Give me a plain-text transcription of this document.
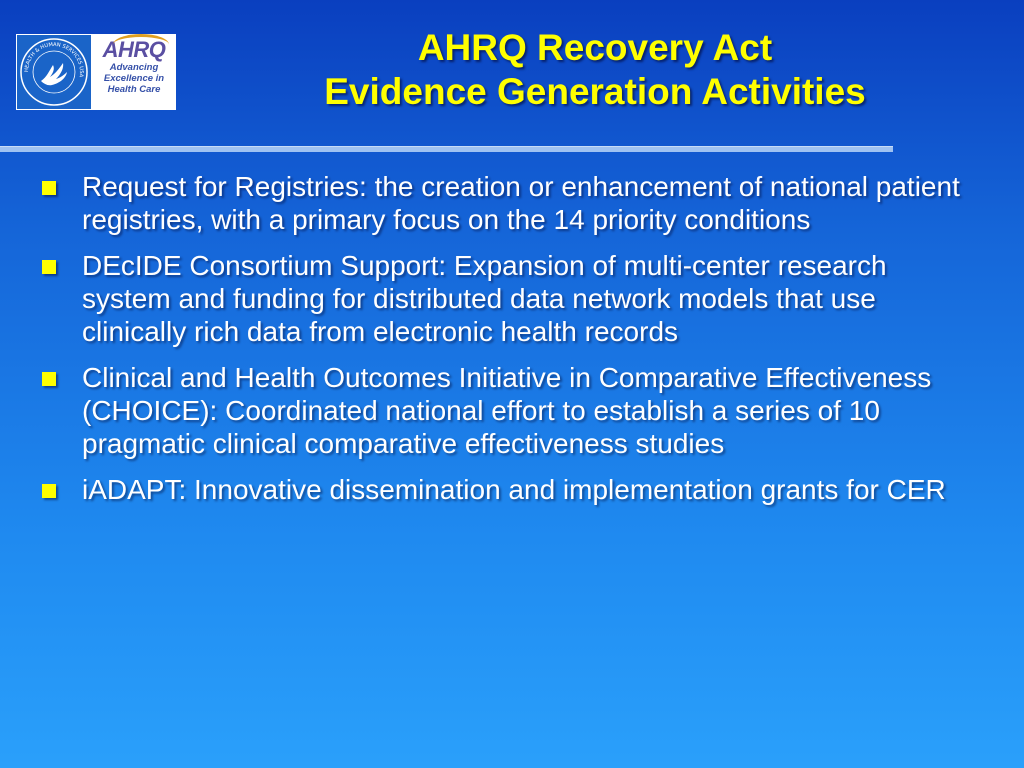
HEALTH & HUMAN SERVICES USA
AHRQ
Advancing
Excellence in
Health Care
AHRQ Recovery Act
Evidence Generation Activities
Request for Registries: the creation or enhancement of national patient registries, with a primary focus on the 14 priority conditions
DEcIDE Consortium Support: Expansion of multi-center research system and funding for distributed data network models that use clinically rich data from electronic health records
Clinical and Health Outcomes Initiative in Comparative Effectiveness (CHOICE): Coordinated national effort to establish a series of 10 pragmatic clinical comparative effectiveness studies
iADAPT: Innovative dissemination and implementation grants for CER
